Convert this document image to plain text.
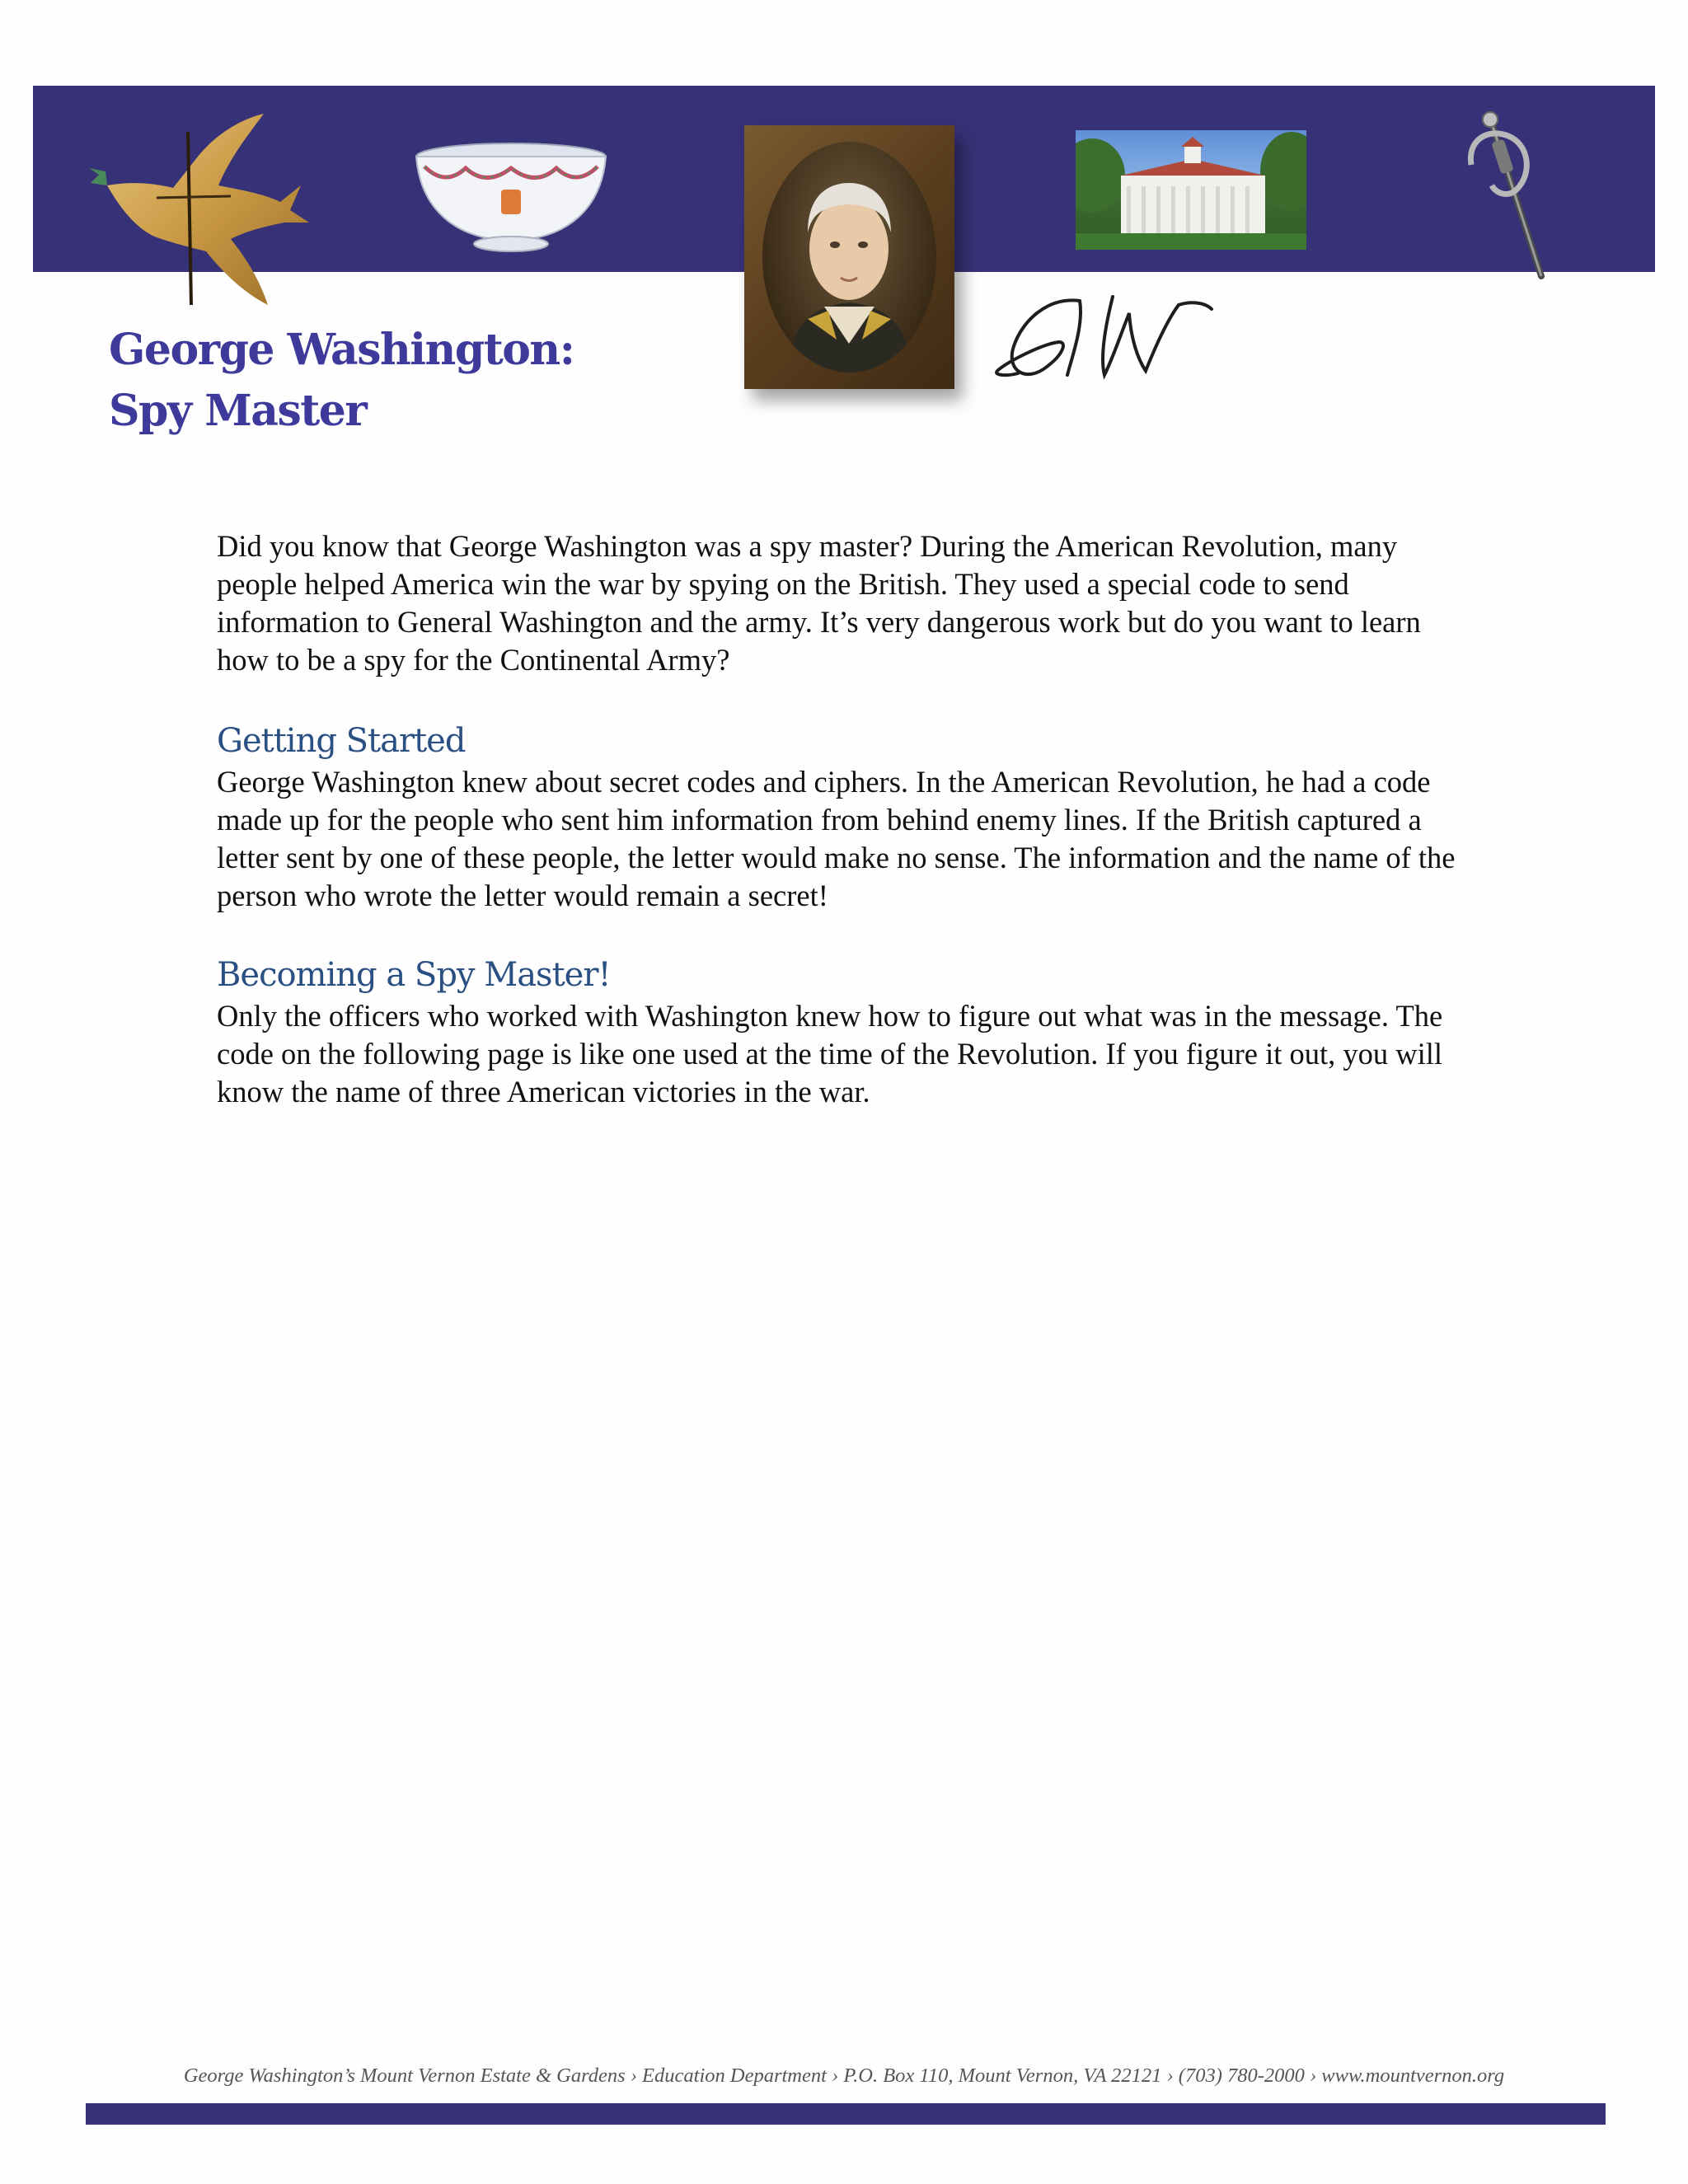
George Washington:
Spy Master

Did you know that George Washington was a spy master? During the American Revolution, many people helped America win the war by spying on the British. They used a special code to send information to General Washington and the army. It’s very dangerous work but do you want to learn how to be a spy for the Continental Army?

Getting Started

George Washington knew about secret codes and ciphers. In the American Revolution, he had a code made up for the people who sent him information from behind enemy lines. If the British captured a letter sent by one of these people, the letter would make no sense. The information and the name of the person who wrote the letter would remain a secret!

Becoming a Spy Master!

Only the officers who worked with Washington knew how to figure out what was in the message. The code on the following page is like one used at the time of the Revolution. If you figure it out, you will know the name of three American victories in the war.

George Washington’s Mount Vernon Estate & Gardens › Education Department › P.O. Box 110, Mount Vernon, VA 22121 › (703) 780-2000 › www.mountvernon.org
